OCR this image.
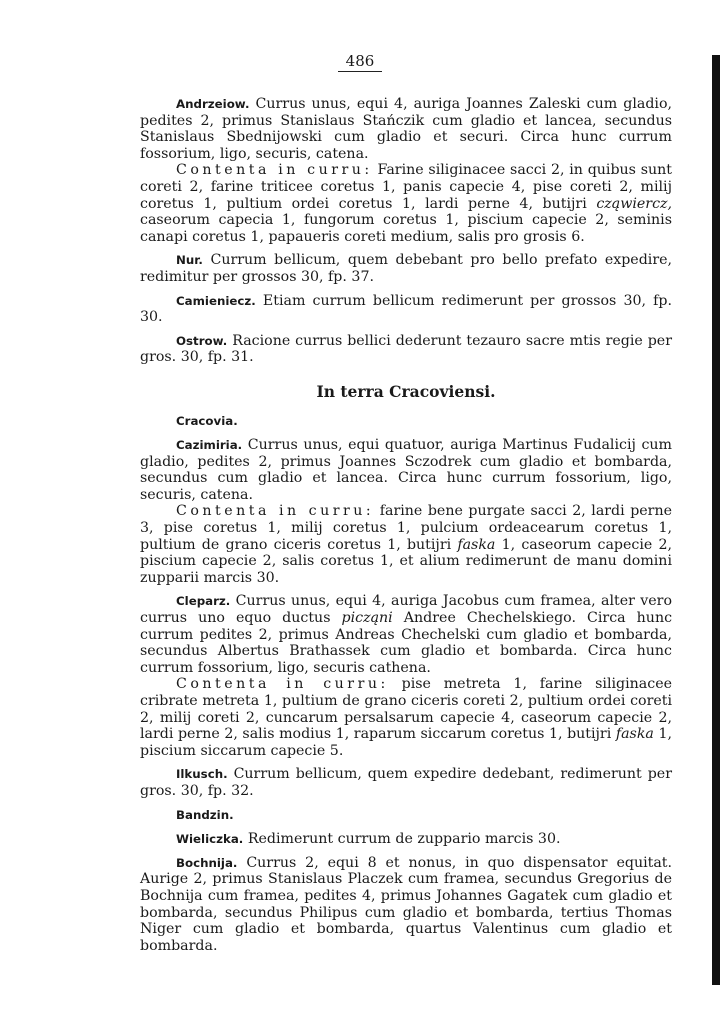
486

Andrzeiow. Currus unus, equi 4, auriga Joannes Zaleski cum gladio, pedites 2, primus Stanislaus Stańczik cum gladio et lancea, secundus Stanislaus Sbednijowski cum gladio et securi. Circa hunc currum fossorium, ligo, securis, catena.

Contenta in curru: Farine siliginacee sacci 2, in quibus sunt coreti 2, farine triticee coretus 1, panis capecie 4, pise coreti 2, milij coretus 1, pultium ordei coretus 1, lardi perne 4, butijri cząwiercz, caseorum capecia 1, fungorum coretus 1, piscium capecie 2, seminis canapi coretus 1, papaueris coreti medium, salis pro grosis 6.

Nur. Currum bellicum, quem debebant pro bello prefato expedire, redimitur per grossos 30, fp. 37.

Camieniecz. Etiam currum bellicum redimerunt per grossos 30, fp. 30.

Ostrow. Racione currus bellici dederunt tezauro sacre mtis regie per gros. 30, fp. 31.

In terra Cracoviensi.

Cracovia.

Cazimiria. Currus unus, equi quatuor, auriga Martinus Fudalicij cum gladio, pedites 2, primus Joannes Sczodrek cum gladio et bombarda, secundus cum gladio et lancea. Circa hunc currum fossorium, ligo, securis, catena.

Contenta in curru: farine bene purgate sacci 2, lardi perne 3, pise coretus 1, milij coretus 1, pulcium ordeacearum coretus 1, pultium de grano ciceris coretus 1, butijri faska 1, caseorum capecie 2, piscium capecie 2, salis coretus 1, et alium redimerunt de manu domini zupparii marcis 30.

Cleparz. Currus unus, equi 4, auriga Jacobus cum framea, alter vero currus uno equo ductus picząni Andree Chechelskiego. Circa hunc currum pedites 2, primus Andreas Chechelski cum gladio et bombarda, secundus Albertus Brathassek cum gladio et bombarda. Circa hunc currum fossorium, ligo, securis cathena.

Contenta in curru: pise metreta 1, farine siliginacee cribrate metreta 1, pultium de grano ciceris coreti 2, pultium ordei coreti 2, milij coreti 2, cuncarum persalsarum capecie 4, caseorum capecie 2, lardi perne 2, salis modius 1, raparum siccarum coretus 1, butijri faska 1, piscium siccarum capecie 5.

Ilkusch. Currum bellicum, quem expedire dedebant, redimerunt per gros. 30, fp. 32.

Bandzin.

Wieliczka. Redimerunt currum de zuppario marcis 30.

Bochnija. Currus 2, equi 8 et nonus, in quo dispensator equitat. Aurige 2, primus Stanislaus Placzek cum framea, secundus Gregorius de Bochnija cum framea, pedites 4, primus Johannes Gagatek cum gladio et bombarda, secundus Philipus cum gladio et bombarda, tertius Thomas Niger cum gladio et bombarda, quartus Valentinus cum gladio et bombarda.
